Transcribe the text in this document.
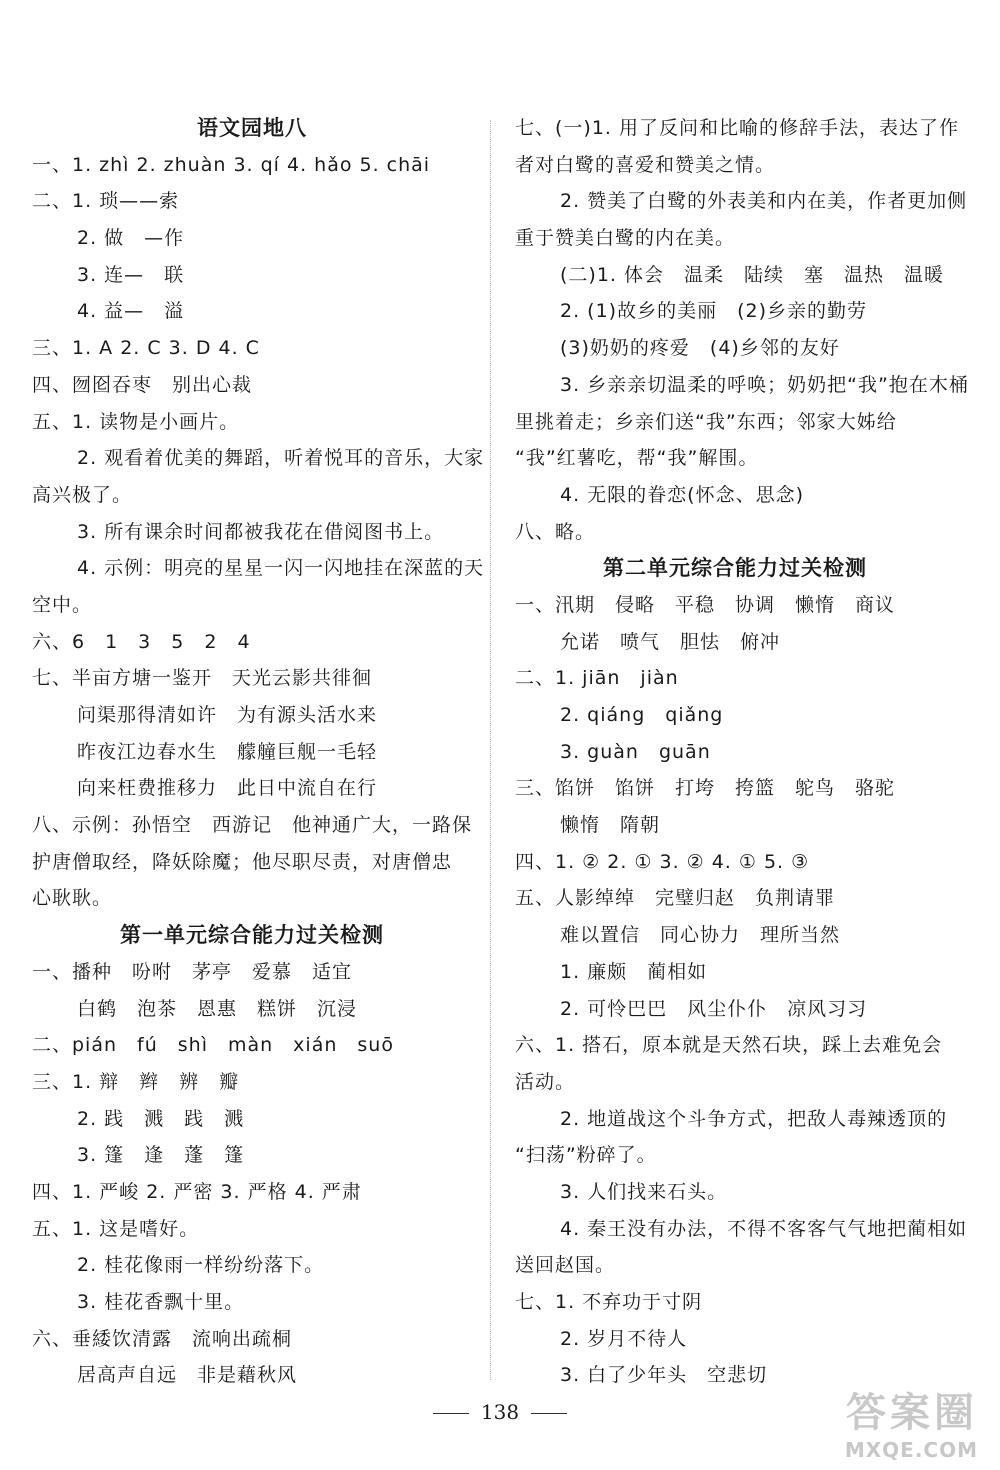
语文园地八
一、1. zhì 2. zhuàn 3. qí 4. hǎo 5. chāi
二、1. 琐——索
2. 做　—作
3. 连—　联
4. 益—　溢
三、1. A 2. C 3. D 4. C
四、囫囵吞枣　别出心裁
五、1. 读物是小画片。
2. 观看着优美的舞蹈，听着悦耳的音乐，大家
高兴极了。
3. 所有课余时间都被我花在借阅图书上。
4. 示例：明亮的星星一闪一闪地挂在深蓝的天
空中。
六、6　1　3　5　2　4
七、半亩方塘一鉴开　天光云影共徘徊
问渠那得清如许　为有源头活水来
昨夜江边春水生　艨艟巨舰一毛轻
向来枉费推移力　此日中流自在行
八、示例：孙悟空　西游记　他神通广大，一路保
护唐僧取经，降妖除魔；他尽职尽责，对唐僧忠
心耿耿。
第一单元综合能力过关检测
一、播种　吩咐　茅亭　爱慕　适宜
白鹤　泡茶　恩惠　糕饼　沉浸
二、pián　fú　shì　màn　xián　suō
三、1. 辩　辫　辨　瓣
2. 践　溅　践　溅
3. 篷　逢　蓬　篷
四、1. 严峻 2. 严密 3. 严格 4. 严肃
五、1. 这是嗜好。
2. 桂花像雨一样纷纷落下。
3. 桂花香飘十里。
六、垂緌饮清露　流响出疏桐
居高声自远　非是藉秋风
七、(一)1. 用了反问和比喻的修辞手法，表达了作
者对白鹭的喜爱和赞美之情。
2. 赞美了白鹭的外表美和内在美，作者更加侧
重于赞美白鹭的内在美。
(二)1. 体会　温柔　陆续　塞　温热　温暖
2. (1)故乡的美丽　(2)乡亲的勤劳
(3)奶奶的疼爱　(4)乡邻的友好
3. 乡亲亲切温柔的呼唤；奶奶把“我”抱在木桶
里挑着走；乡亲们送“我”东西；邻家大姊给
“我”红薯吃，帮“我”解围。
4. 无限的眷恋(怀念、思念)
八、略。
第二单元综合能力过关检测
一、汛期　侵略　平稳　协调　懒惰　商议
允诺　喷气　胆怯　俯冲
二、1. jiān　jiàn
2. qiáng　qiǎng
3. guàn　guān
三、馅饼　馅饼　打垮　挎篮　鸵鸟　骆驼
懒惰　隋朝
四、1. ② 2. ① 3. ② 4. ① 5. ③
五、人影绰绰　完璧归赵　负荆请罪
难以置信　同心协力　理所当然
1. 廉颇　蔺相如
2. 可怜巴巴　风尘仆仆　凉风习习
六、1. 搭石，原本就是天然石块，踩上去难免会
活动。
2. 地道战这个斗争方式，把敌人毒辣透顶的
“扫荡”粉碎了。
3. 人们找来石头。
4. 秦王没有办法，不得不客客气气地把蔺相如
送回赵国。
七、1. 不弃功于寸阴
2. 岁月不待人
3. 白了少年头　空悲切
138	答案圈
MXQE.COM
